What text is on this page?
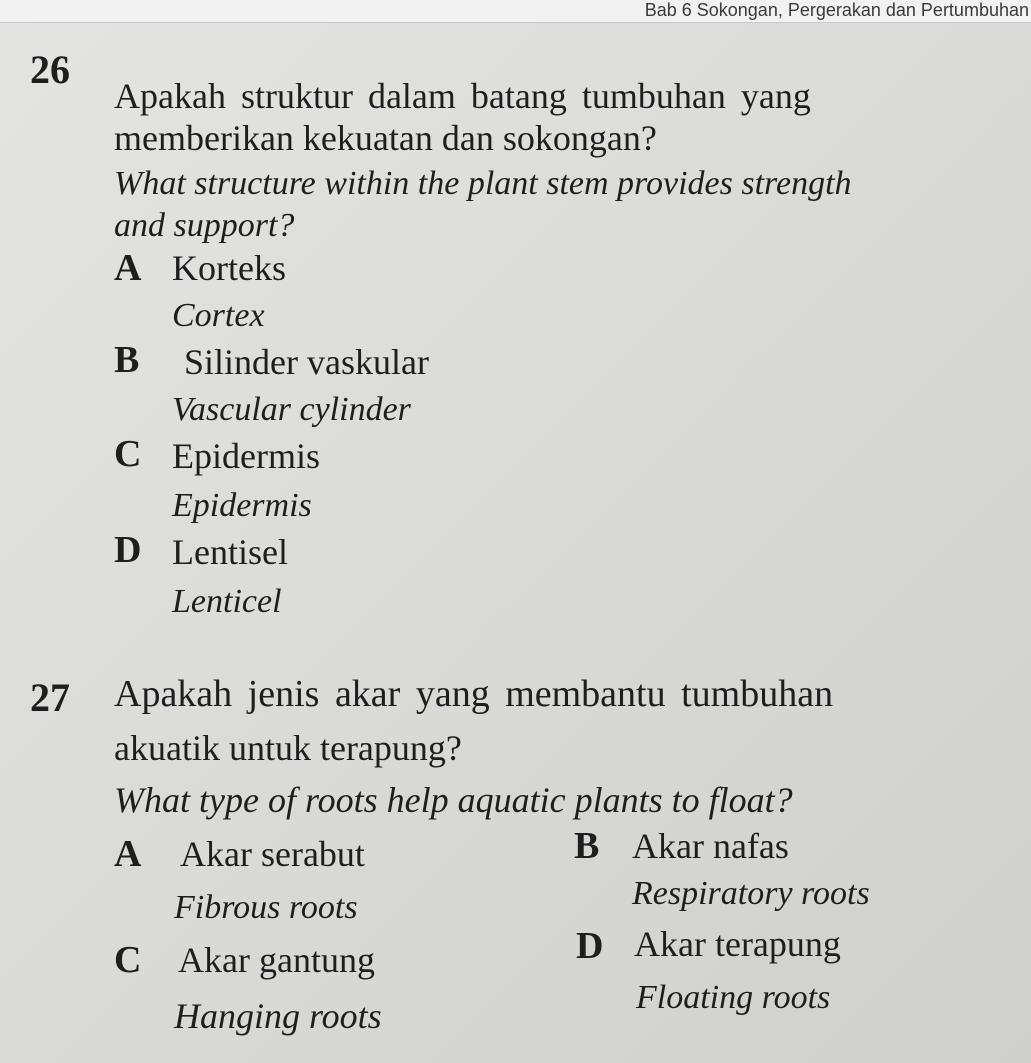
Bab 6 Sokongan, Pergerakan dan Pertumbuhan
26
Apakah struktur dalam batang tumbuhan yang
memberikan kekuatan dan sokongan?
What structure within the plant stem provides strength
and support?
A Korteks
Cortex
B Silinder vaskular
Vascular cylinder
C Epidermis
Epidermis
D Lentisel
Lenticel
27 Apakah jenis akar yang membantu tumbuhan
akuatik untuk terapung?
What type of roots help aquatic plants to float?
A Akar serabut
Fibrous roots
B Akar nafas
Respiratory roots
C Akar gantung
Hanging roots
D Akar terapung
Floating roots
